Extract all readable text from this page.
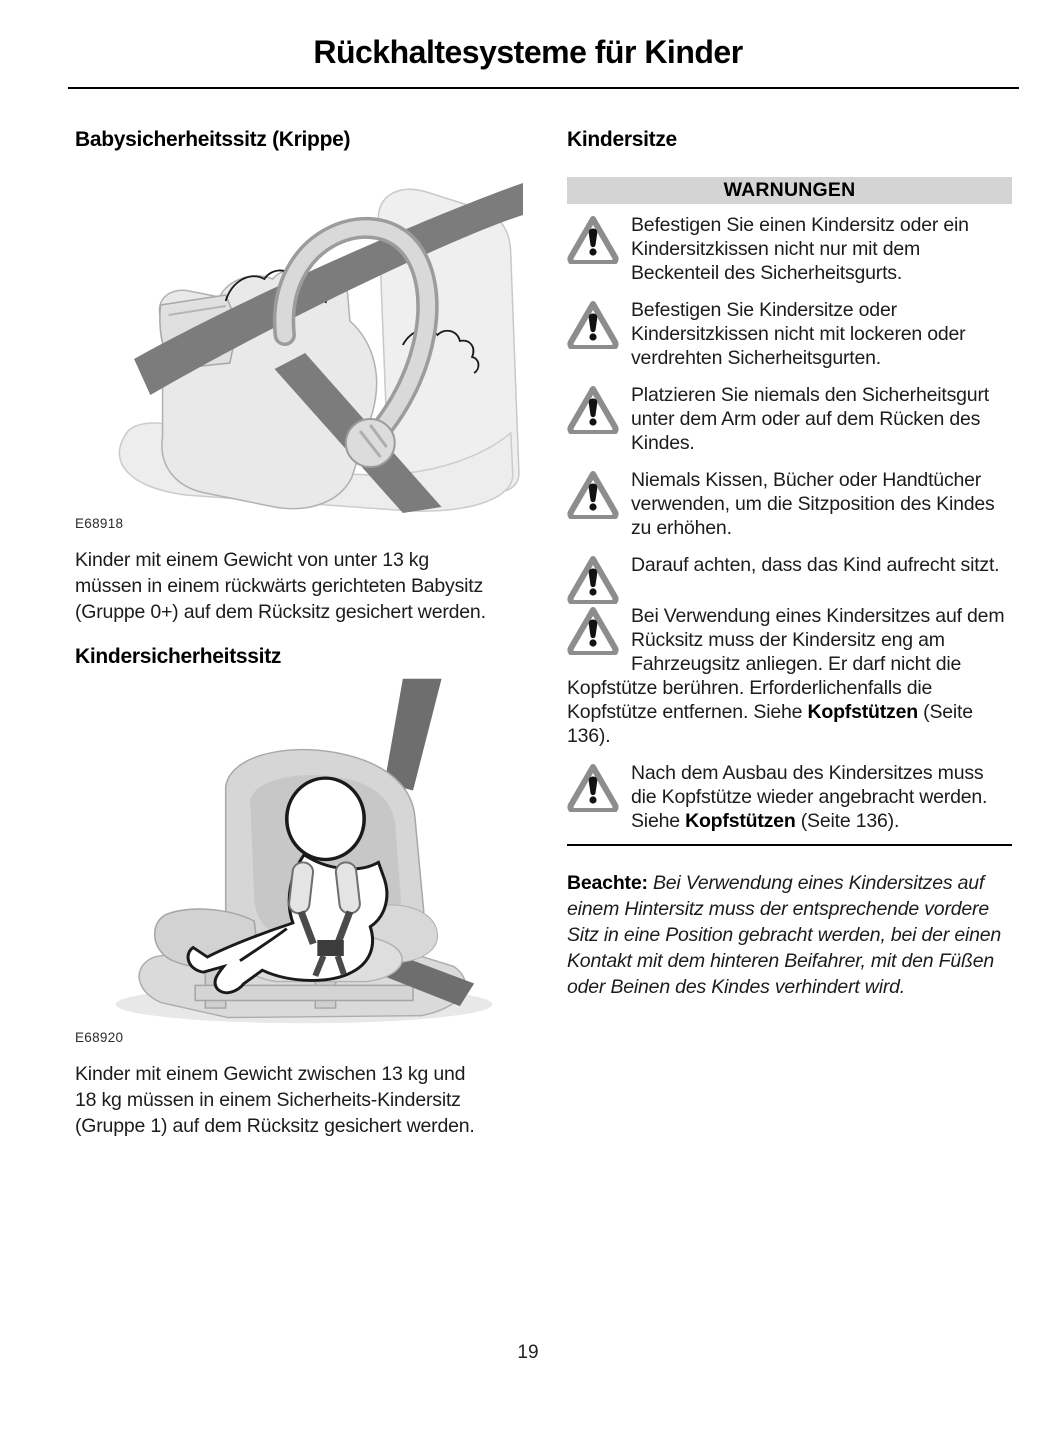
Rückhaltesysteme für Kinder
Babysicherheitssitz (Krippe)
E68918

Kinder mit einem Gewicht von unter 13 kg müssen in einem rückwärts gerichteten Babysitz (Gruppe 0+) auf dem Rücksitz gesichert werden.

Kindersicherheitssitz
E68920

Kinder mit einem Gewicht zwischen 13 kg und 18 kg müssen in einem Sicherheits-Kindersitz (Gruppe 1) auf dem Rücksitz gesichert werden.

Kindersitze
WARNUNGEN
Befestigen Sie einen Kindersitz oder ein Kindersitzkissen nicht nur mit dem Beckenteil des Sicherheitsgurts.
Befestigen Sie Kindersitze oder Kindersitzkissen nicht mit lockeren oder verdrehten Sicherheitsgurten.
Platzieren Sie niemals den Sicherheitsgurt unter dem Arm oder auf dem Rücken des Kindes.
Niemals Kissen, Bücher oder Handtücher verwenden, um die Sitzposition des Kindes zu erhöhen.
Darauf achten, dass das Kind aufrecht sitzt.
Bei Verwendung eines Kindersitzes auf dem Rücksitz muss der Kindersitz eng am Fahrzeugsitz anliegen. Er darf nicht die Kopfstütze berühren. Erforderlichenfalls die Kopfstütze entfernen. Siehe Kopfstützen (Seite 136).
Nach dem Ausbau des Kindersitzes muss die Kopfstütze wieder angebracht werden. Siehe Kopfstützen (Seite 136).

Beachte: Bei Verwendung eines Kindersitzes auf einem Hintersitz muss der entsprechende vordere Sitz in eine Position gebracht werden, bei der einen Kontakt mit dem hinteren Beifahrer, mit den Füßen oder Beinen des Kindes verhindert wird.

19
